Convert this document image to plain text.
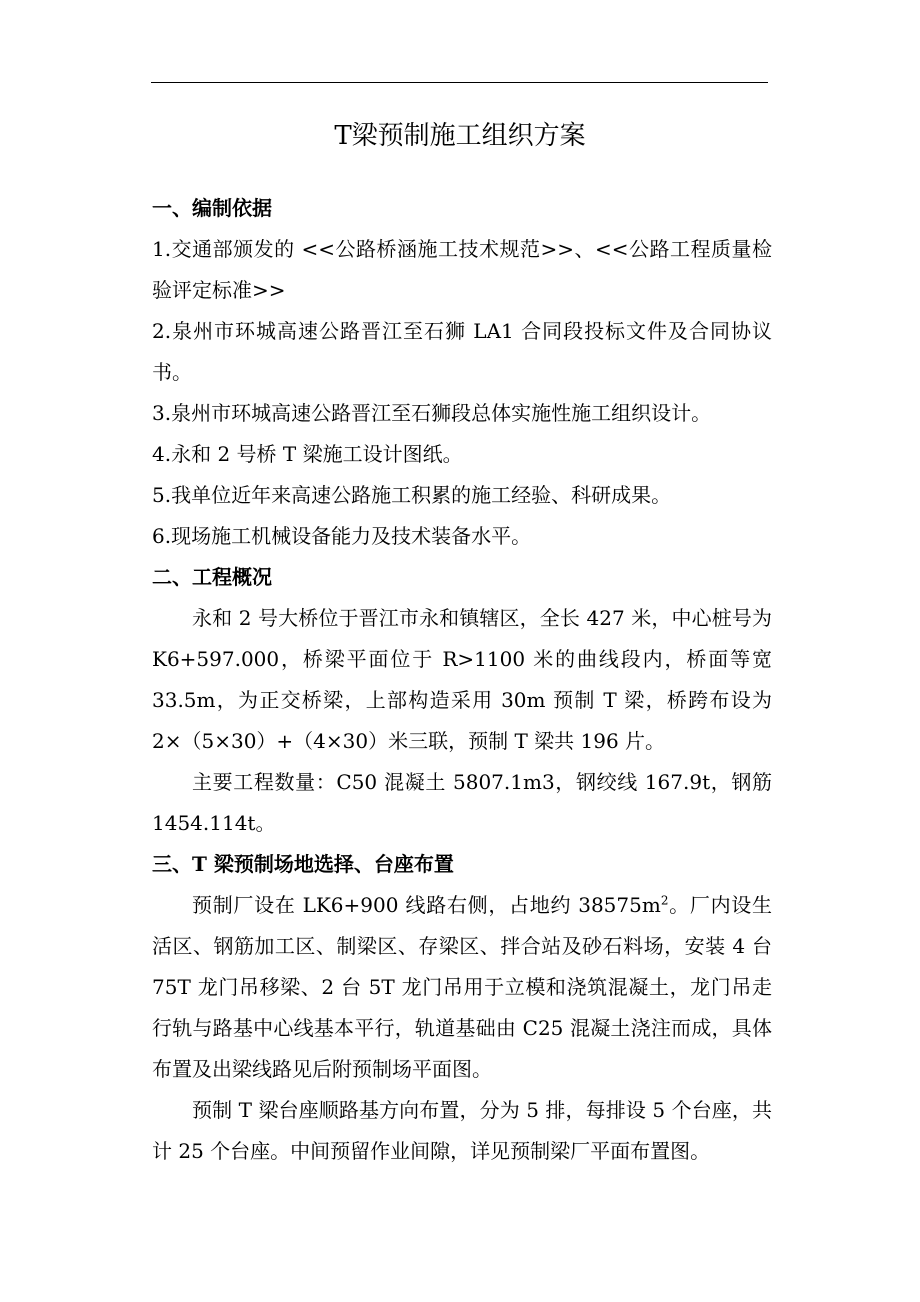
T梁预制施工组织方案

一、编制依据

1.交通部颁发的 <<公路桥涵施工技术规范>>、<<公路工程质量检验评定标准>>

2.泉州市环城高速公路晋江至石狮 LA1 合同段投标文件及合同协议书。

3.泉州市环城高速公路晋江至石狮段总体实施性施工组织设计。

4.永和 2 号桥 T 梁施工设计图纸。

5.我单位近年来高速公路施工积累的施工经验、科研成果。

6.现场施工机械设备能力及技术装备水平。

二、工程概况

永和 2 号大桥位于晋江市永和镇辖区，全长 427 米，中心桩号为 K6+597.000，桥梁平面位于 R>1100 米的曲线段内，桥面等宽 33.5m，为正交桥梁，上部构造采用 30m 预制 T 梁，桥跨布设为 2×（5×30）+（4×30）米三联，预制 T 梁共 196 片。

主要工程数量：C50 混凝土 5807.1m3，钢绞线 167.9t，钢筋 1454.114t。

三、T 梁预制场地选择、台座布置

预制厂设在 LK6+900 线路右侧，占地约 $38575m^2$。厂内设生活区、钢筋加工区、制梁区、存梁区、拌合站及砂石料场，安装 4 台 75T 龙门吊移梁、2 台 5T 龙门吊用于立模和浇筑混凝土，龙门吊走行轨与路基中心线基本平行，轨道基础由 C25 混凝土浇注而成，具体布置及出梁线路见后附预制场平面图。

预制 T 梁台座顺路基方向布置，分为 5 排，每排设 5 个台座，共计 25 个台座。中间预留作业间隙，详见预制梁厂平面布置图。
